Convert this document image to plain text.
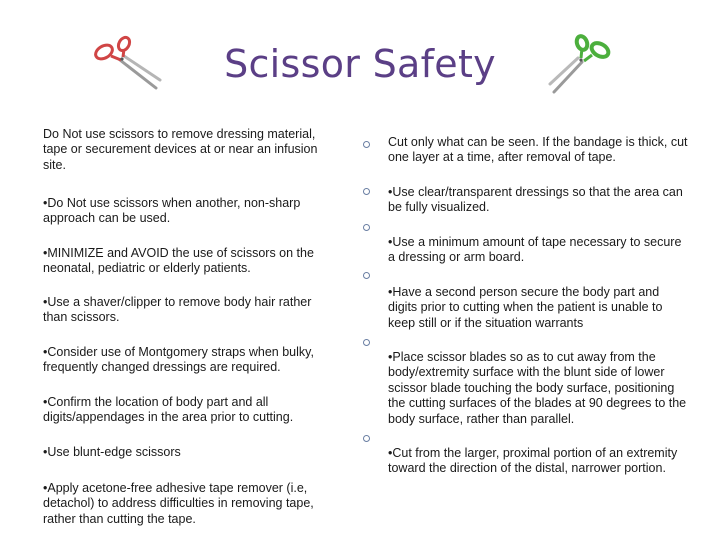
Scissor Safety
Do Not use scissors to remove dressing material, tape or securement devices at or near an infusion site.
•Do Not use scissors when another, non-sharp approach can be used.
•MINIMIZE and AVOID the use of scissors on the neonatal, pediatric or elderly patients.
•Use a shaver/clipper to remove body hair rather than scissors.
•Consider use of Montgomery straps when bulky, frequently changed dressings are required.
•Confirm the location of body part and all digits/appendages in the area prior to cutting.
•Use blunt-edge scissors
•Apply acetone-free adhesive tape remover (i.e, detachol) to address difficulties in removing tape, rather than cutting the tape.
Cut only what can be seen. If the bandage is thick, cut one layer at a time, after removal of tape.
•Use clear/transparent dressings so that the area can be fully visualized.
•Use a minimum amount of tape necessary to secure a dressing or arm board.
•Have a second person secure the body part and digits prior to cutting when the patient is unable to keep still or if the situation warrants
•Place scissor blades so as to cut away from the body/extremity surface with the blunt side of lower scissor blade touching the body surface, positioning the cutting surfaces of the blades at 90 degrees to the body surface, rather than parallel.
•Cut from the larger, proximal portion of an extremity toward the direction of the distal, narrower portion.
